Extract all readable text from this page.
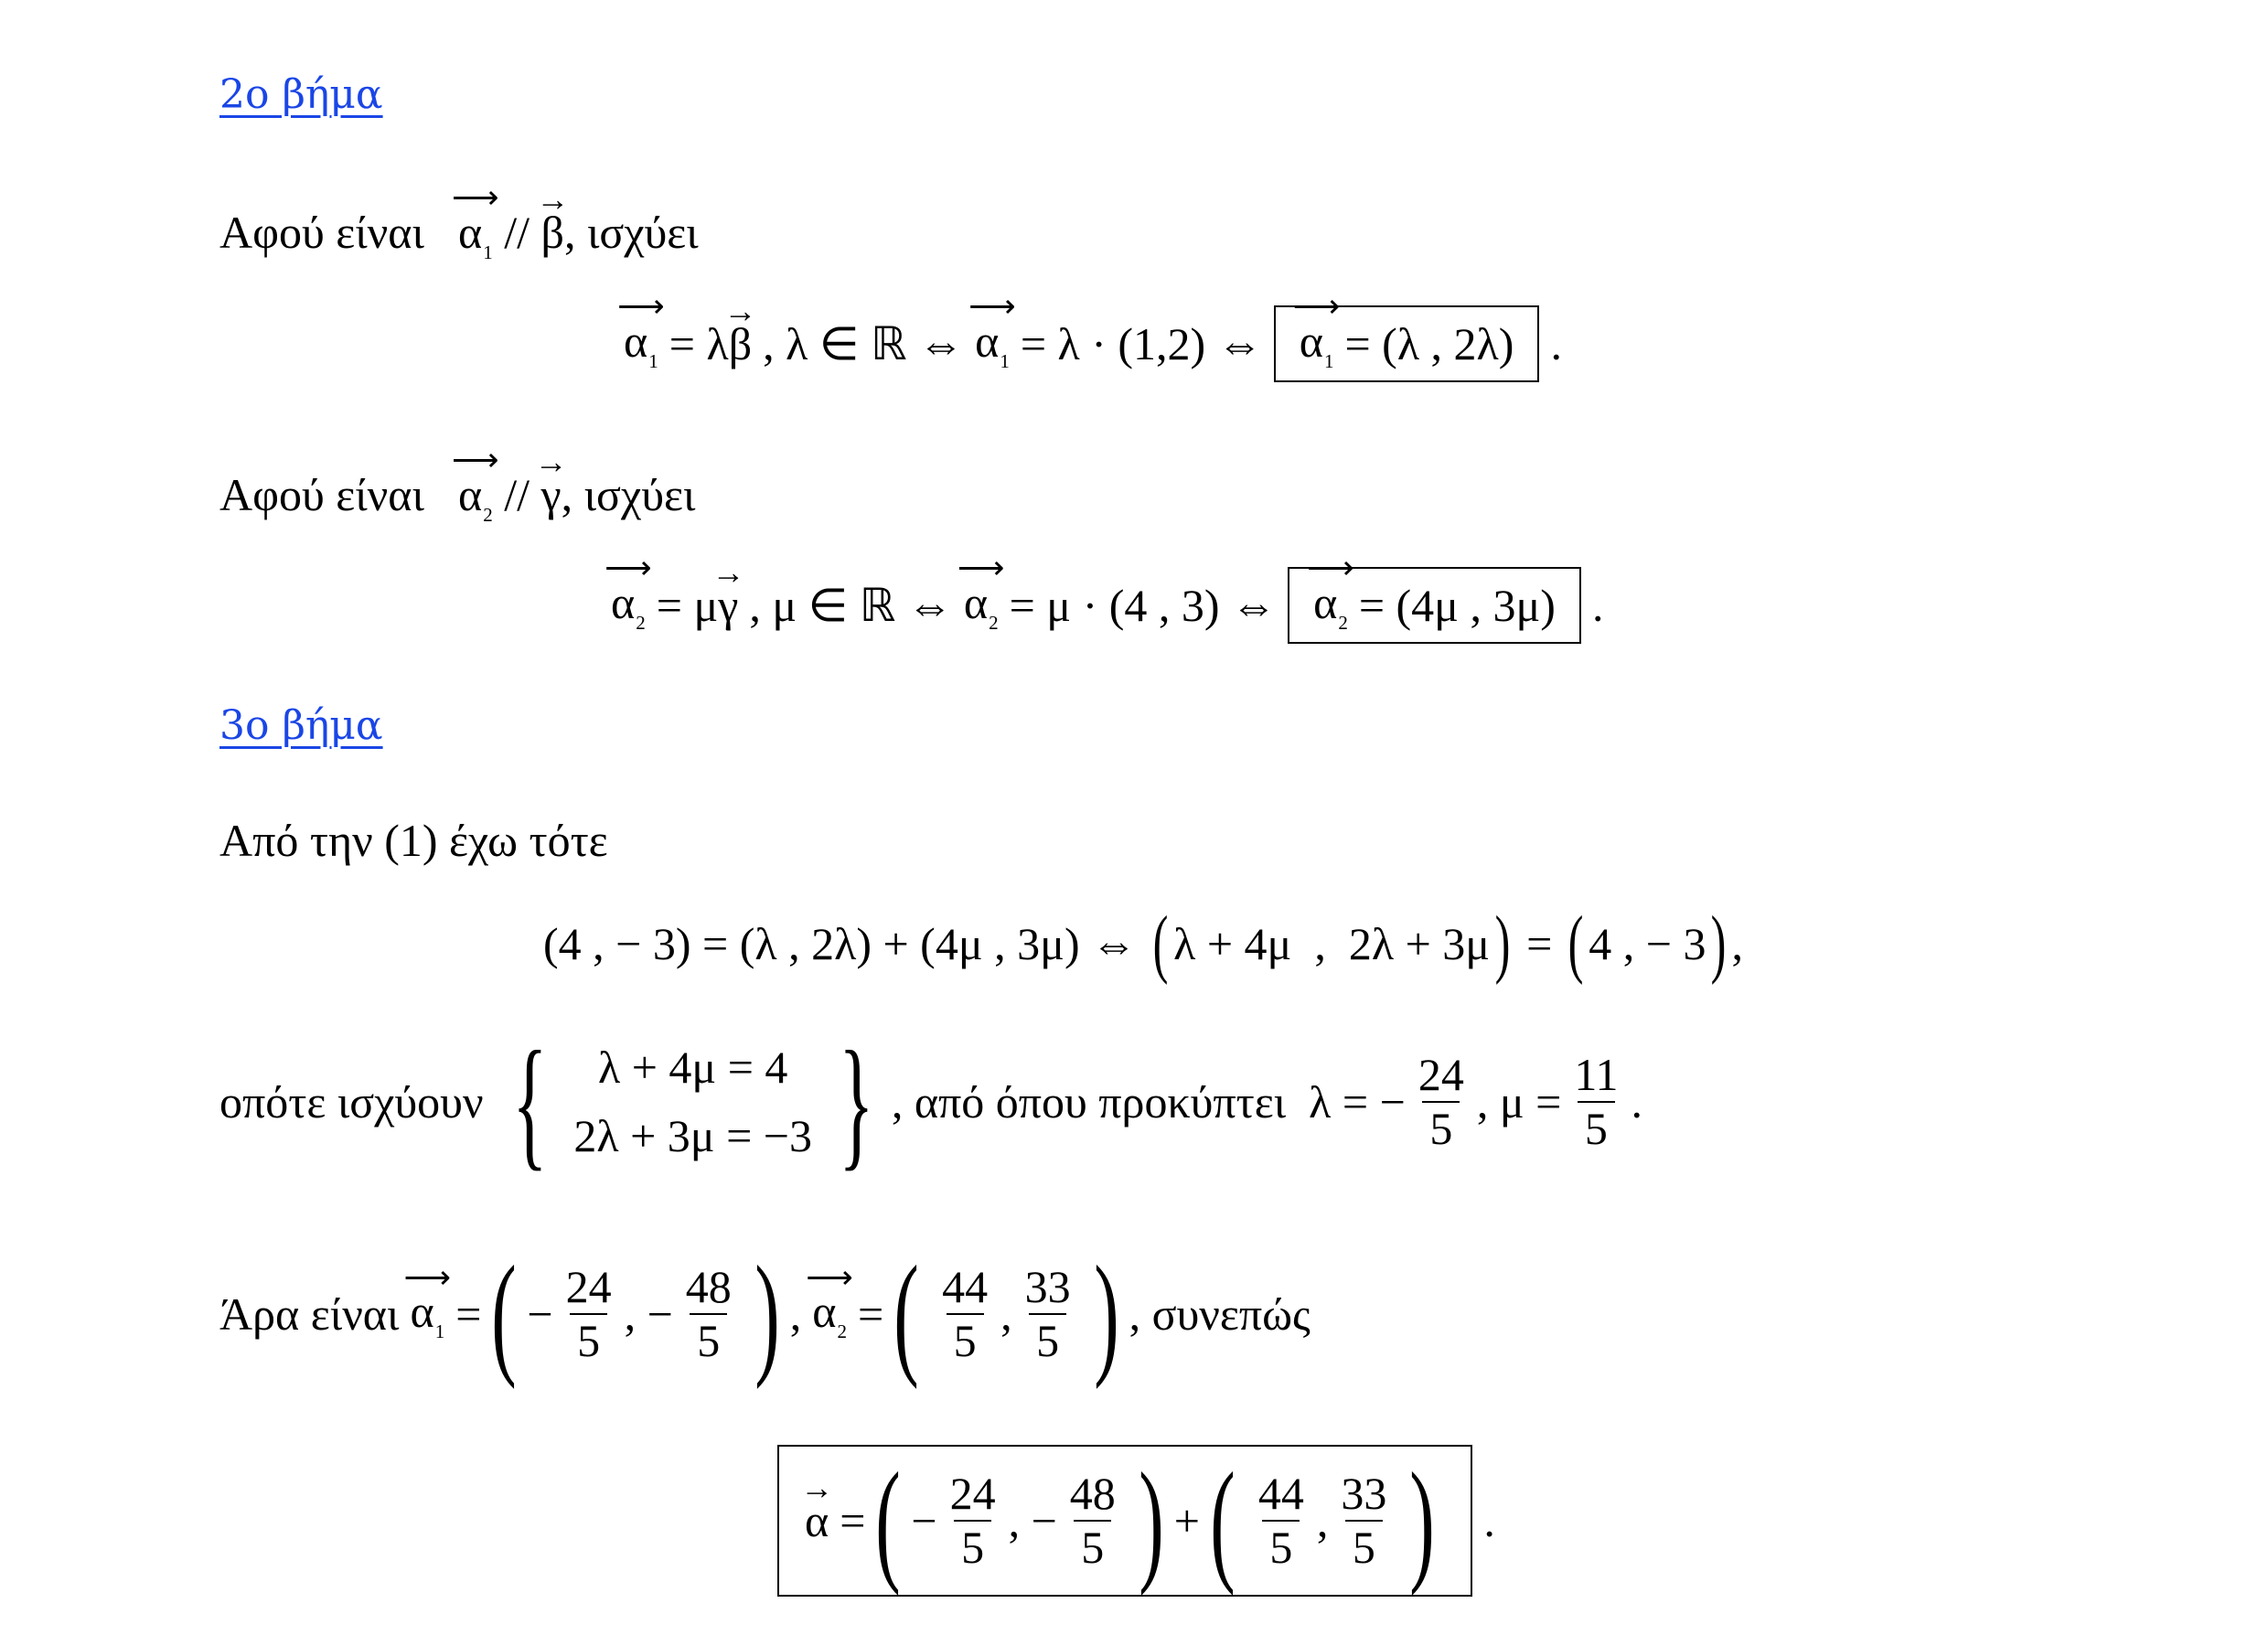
2ο βήμα
Αφού είναι  ⟶ $\alpha_1$ // → β, ισχύει
⟶ $\alpha_1 = \lambda$
→ β , λ ∈ ℝ ⇔
⟶ $\alpha_1 = \lambda \cdot (1,2)$ ⇔
⟶ $\alpha_1 = (\lambda$ , 2λ) .
Αφού είναι  ⟶ $\alpha_2$ // → γ, ισχύει
⟶ $\alpha_2 = \mu$
→ γ , μ ∈ ℝ ⇔
⟶ $\alpha_2 = \mu \cdot (4$ , 3) ⇔
⟶ $\alpha_2 = (4\mu$ , 3μ) .
3ο βήμα
Από την (1) έχω τότε
(4 , − 3) = (λ , 2λ) + (4μ , 3μ) ⇔ ( λ + 4μ  ,  2λ + 3μ ) = ( 4 , − 3 ) ,
οπότε ισχύουν { λ + 4μ = 4
2λ + 3μ = −3 } , από όπου προκύπτει  λ = − $\frac{24}{5}$ , $\mu = \frac{11}{5}$ .
Άρα είναι
⟶ $\alpha_1$ = ( − $\frac{24}{5}$ , − $\frac{48}{5}$ ) ,
⟶ $\alpha_2$ = ( $\frac{44}{5}$ , $\frac{33}{5}$ ) , συνεπώς
→ α = ( − $\frac{24}{5}$ , − $\frac{48}{5}$ ) + ( $\frac{44}{5}$ , $\frac{33}{5}$ ) .
